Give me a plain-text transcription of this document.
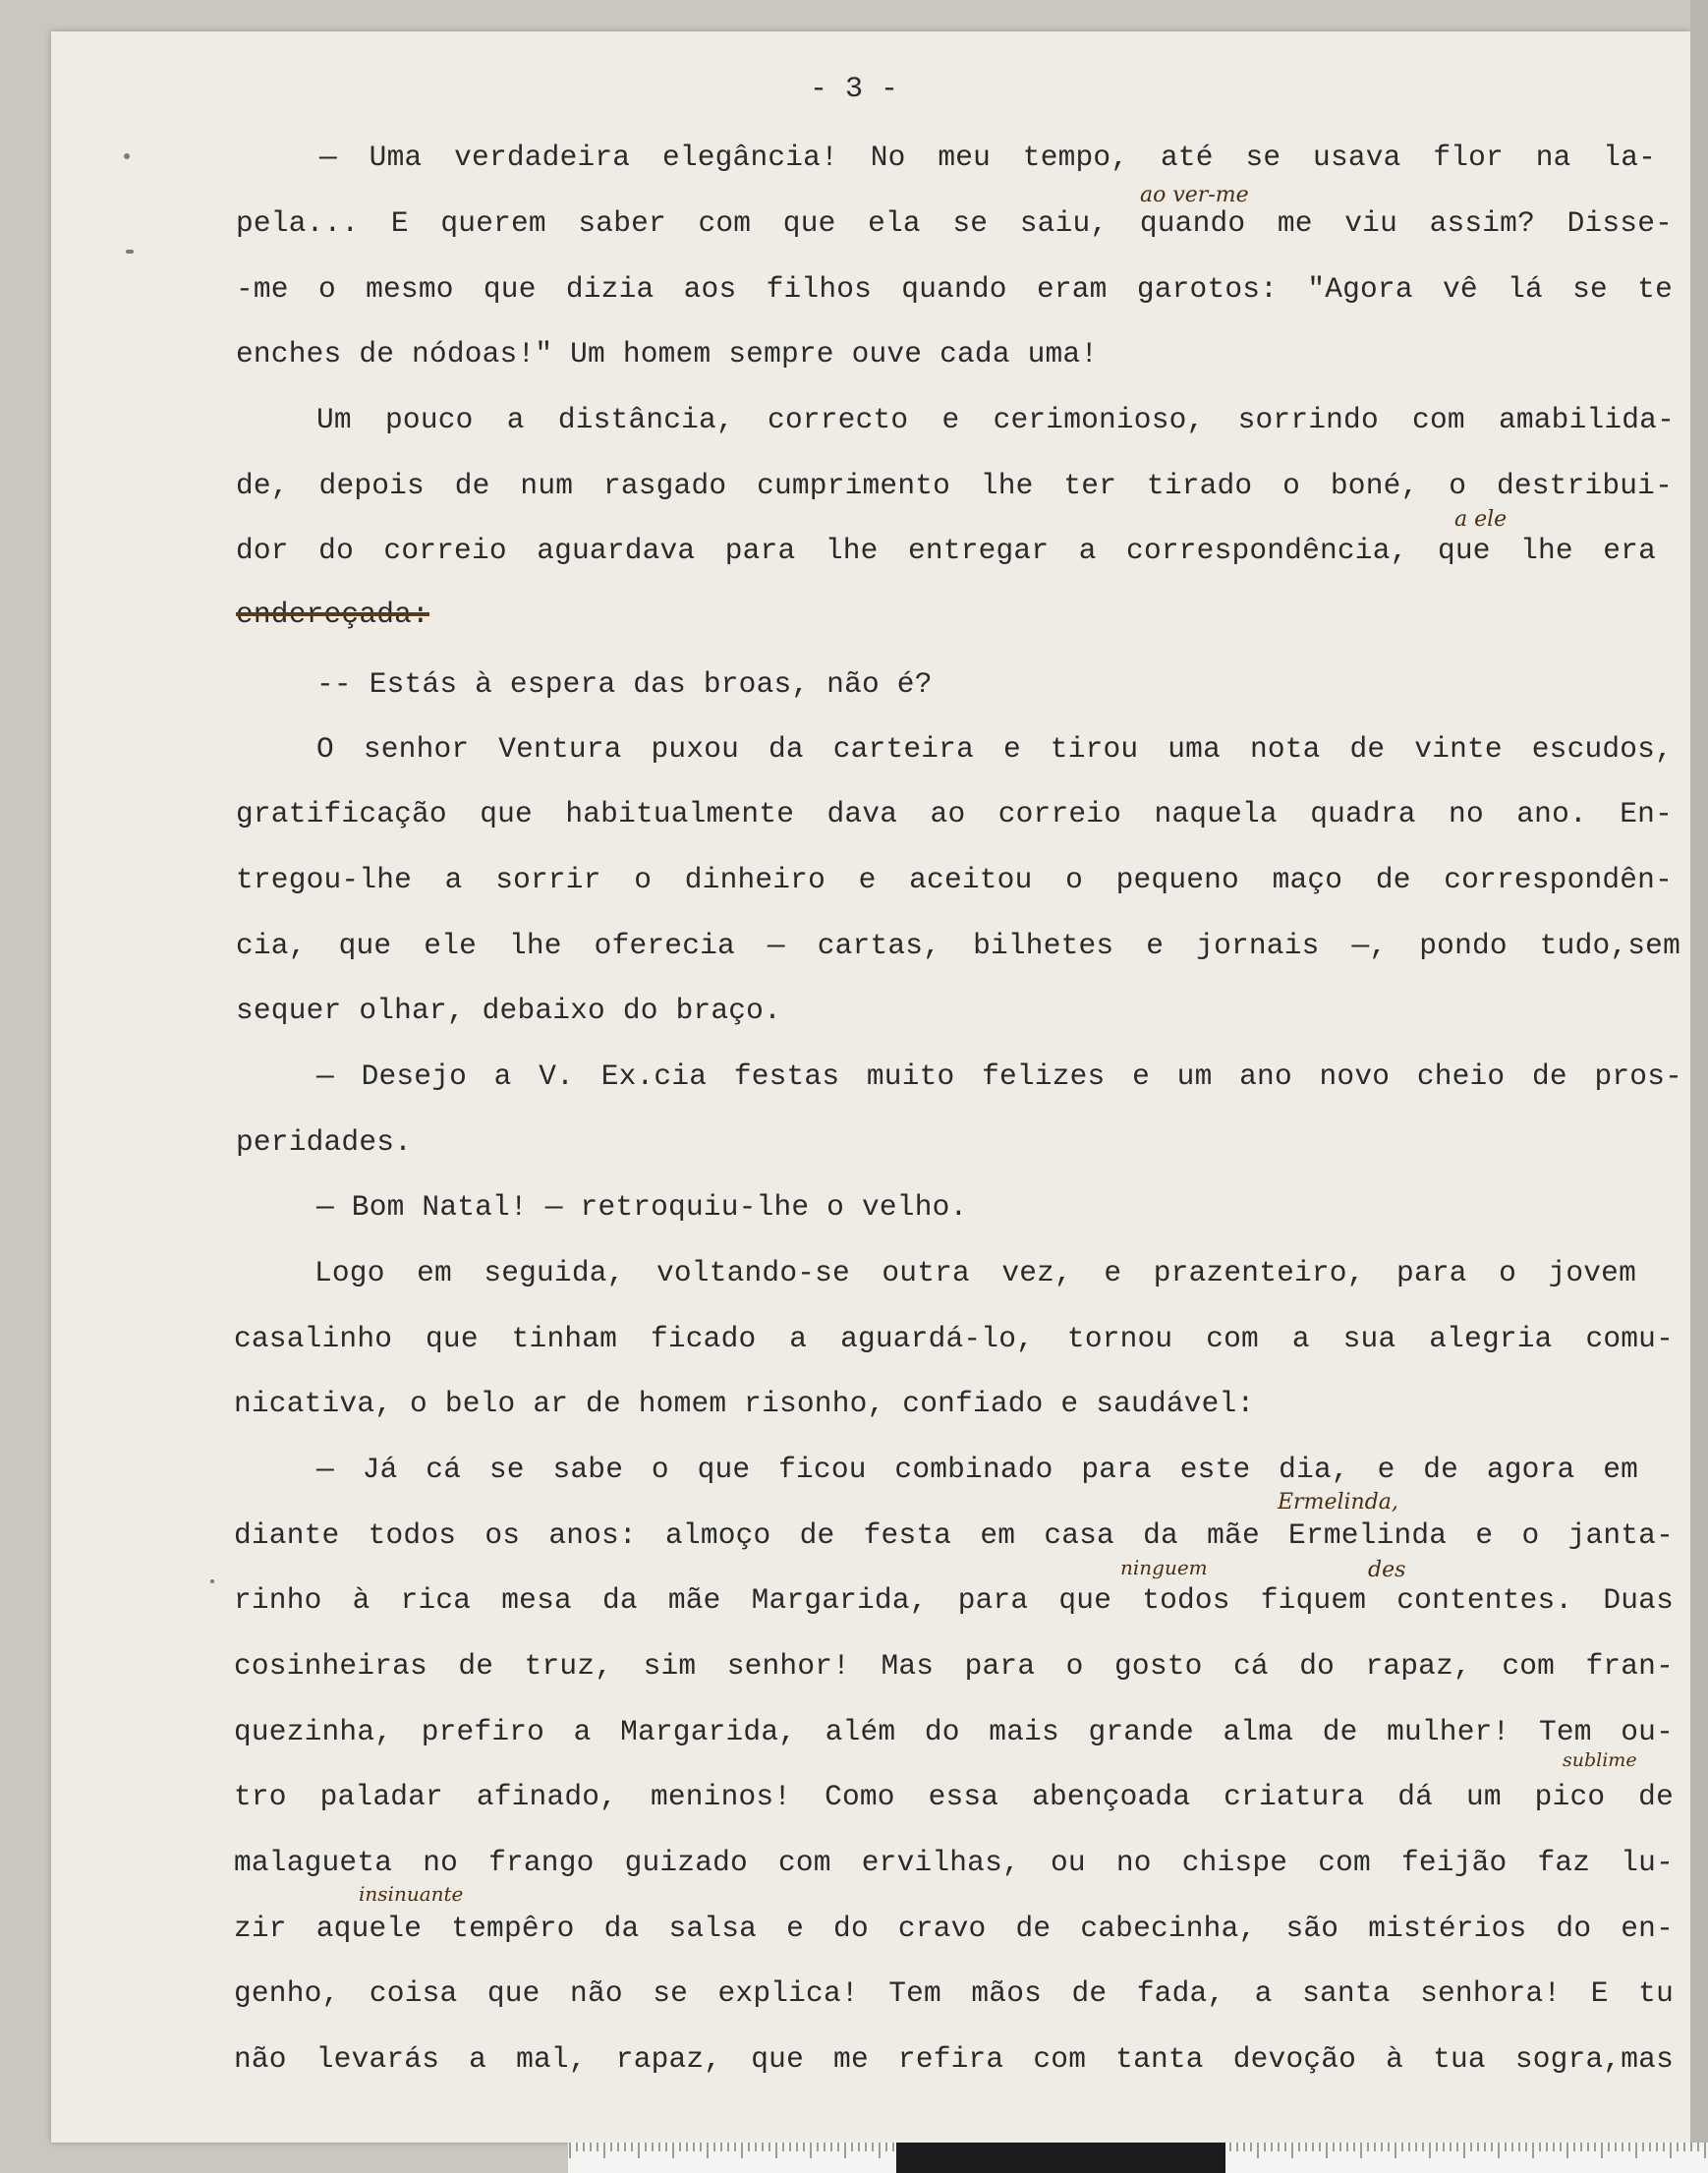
- 3 -
— Uma verdadeira elegância! No meu tempo, até se usava flor na la-
pela... E querem saber com que ela se saiu, quando me viu assim? Disse-
-me o mesmo que dizia aos filhos quando eram garotos: "Agora vê lá se te
enches de nódoas!" Um homem sempre ouve cada uma!
Um pouco a distância, correcto e cerimonioso, sorrindo com amabilida-
de, depois de num rasgado cumprimento lhe ter tirado o boné, o destribui-
dor do correio aguardava para lhe entregar a correspondência, que lhe era
endereçada:
-- Estás à espera das broas, não é?
O senhor Ventura puxou da carteira e tirou uma nota de vinte escudos,
gratificação que habitualmente dava ao correio naquela quadra no ano. En-
tregou-lhe a sorrir o dinheiro e aceitou o pequeno maço de correspondên-
cia, que ele lhe oferecia — cartas, bilhetes e jornais —, pondo tudo,sem
sequer olhar, debaixo do braço.
— Desejo a V. Ex.cia festas muito felizes e um ano novo cheio de pros-
peridades.
— Bom Natal! — retroquiu-lhe o velho.
Logo em seguida, voltando-se outra vez, e prazenteiro, para o jovem
casalinho que tinham ficado a aguardá-lo, tornou com a sua alegria comu-
nicativa, o belo ar de homem risonho, confiado e saudável:
— Já cá se sabe o que ficou combinado para este dia, e de agora em
diante todos os anos: almoço de festa em casa da mãe Ermelinda e o janta-
rinho à rica mesa da mãe Margarida, para que todos fiquem contentes. Duas
cosinheiras de truz, sim senhor! Mas para o gosto cá do rapaz, com fran-
quezinha, prefiro a Margarida, além do mais grande alma de mulher! Tem ou-
tro paladar afinado, meninos! Como essa abençoada criatura dá um pico de
malagueta no frango guizado com ervilhas, ou no chispe com feijão faz lu-
zir aquele tempêro da salsa e do cravo de cabecinha, são mistérios do en-
genho, coisa que não se explica! Tem mãos de fada, a santa senhora! E tu
não levarás a mal, rapaz, que me refira com tanta devoção à tua sogra,mas
ao ver-me
a ele
Ermelinda,
ninguem	des
sublime
insinuante
